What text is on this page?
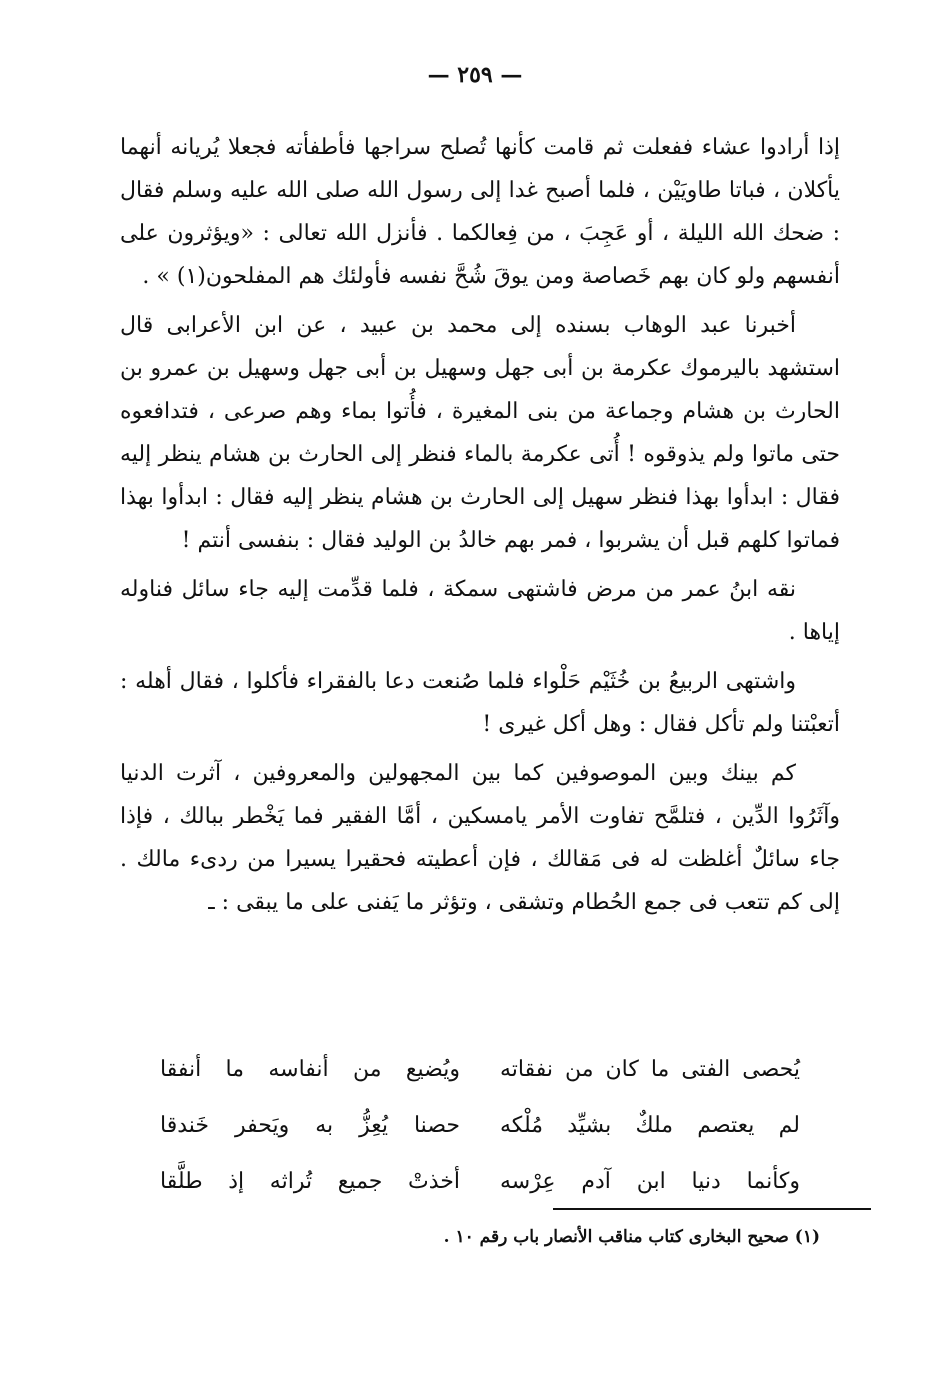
— ٢٥٩ —

إذا أرادوا عشاء ففعلت ثم قامت كأنها تُصلح سراجها فأطفأته فجعلا يُريانه أنهما يأكلان ، فباتا طاويَيْن ، فلما أصبح غدا إلى رسول الله صلى الله عليه وسلم فقال : ضحك الله الليلة ، أو عَجِبَ ، من فِعالكما . فأنزل الله تعالى : «ويؤثرون على أنفسهم ولو كان بهم خَصاصة ومن يوقَ شُحَّ نفسه فأولئك هم المفلحون(١) » .

أخبرنا عبد الوهاب بسنده إلى محمد بن عبيد ، عن ابن الأعرابى قال استشهد باليرموك عكرمة بن أبى جهل وسهيل بن أبى جهل وسهيل بن عمرو بن الحارث بن هشام وجماعة من بنى المغيرة ، فأُتوا بماء وهم صرعى ، فتدافعوه حتى ماتوا ولم يذوقوه ! أُتى عكرمة بالماء فنظر إلى الحارث بن هشام ينظر إليه فقال : ابدأوا بهذا فنظر سهيل إلى الحارث بن هشام ينظر إليه فقال : ابدأوا بهذا فماتوا كلهم قبل أن يشربوا ، فمر بهم خالدُ بن الوليد فقال : بنفسى أنتم !

نقه ابنُ عمر من مرض فاشتهى سمكة ، فلما قدِّمت إليه جاء سائل فناوله إياها .

واشتهى الربيعُ بن خُثَيْم حَلْواء فلما صُنعت دعا بالفقراء فأكلوا ، فقال أهله : أتعبْتنا ولم تأكل فقال : وهل أكل غيرى !

كم بينك وبين الموصوفين كما بين المجهولين والمعروفين ، آثرت الدنيا وآثَرُوا الدِّين ، فتلمَّح تفاوت الأمر يامسكين ، أمَّا الفقير فما يَخْطر ببالك ، فإذا جاء سائلٌ أغلظت له فى مَقالك ، فإن أعطيته فحقيرا يسيرا من ردىء مالك . إلى كم تتعب فى جمع الحُطام وتشقى ، وتؤثر ما يَفنى على ما يبقى : ـ

يُحصى الفتى ما كان من نفقاته
ويُضيع من أنفاسه ما أنفقا
لم يعتصم ملكٌ بشيِّد مُلْكه
حصنا يُعِزُّ به ويَحفر خَندقا
وكأنما دنيا ابن آدم عِرْسه
أخذتْ جميع تُراثه إذ طلَّقا
(١) صحيح البخارى كتاب مناقب الأنصار باب رقم ١٠ .
